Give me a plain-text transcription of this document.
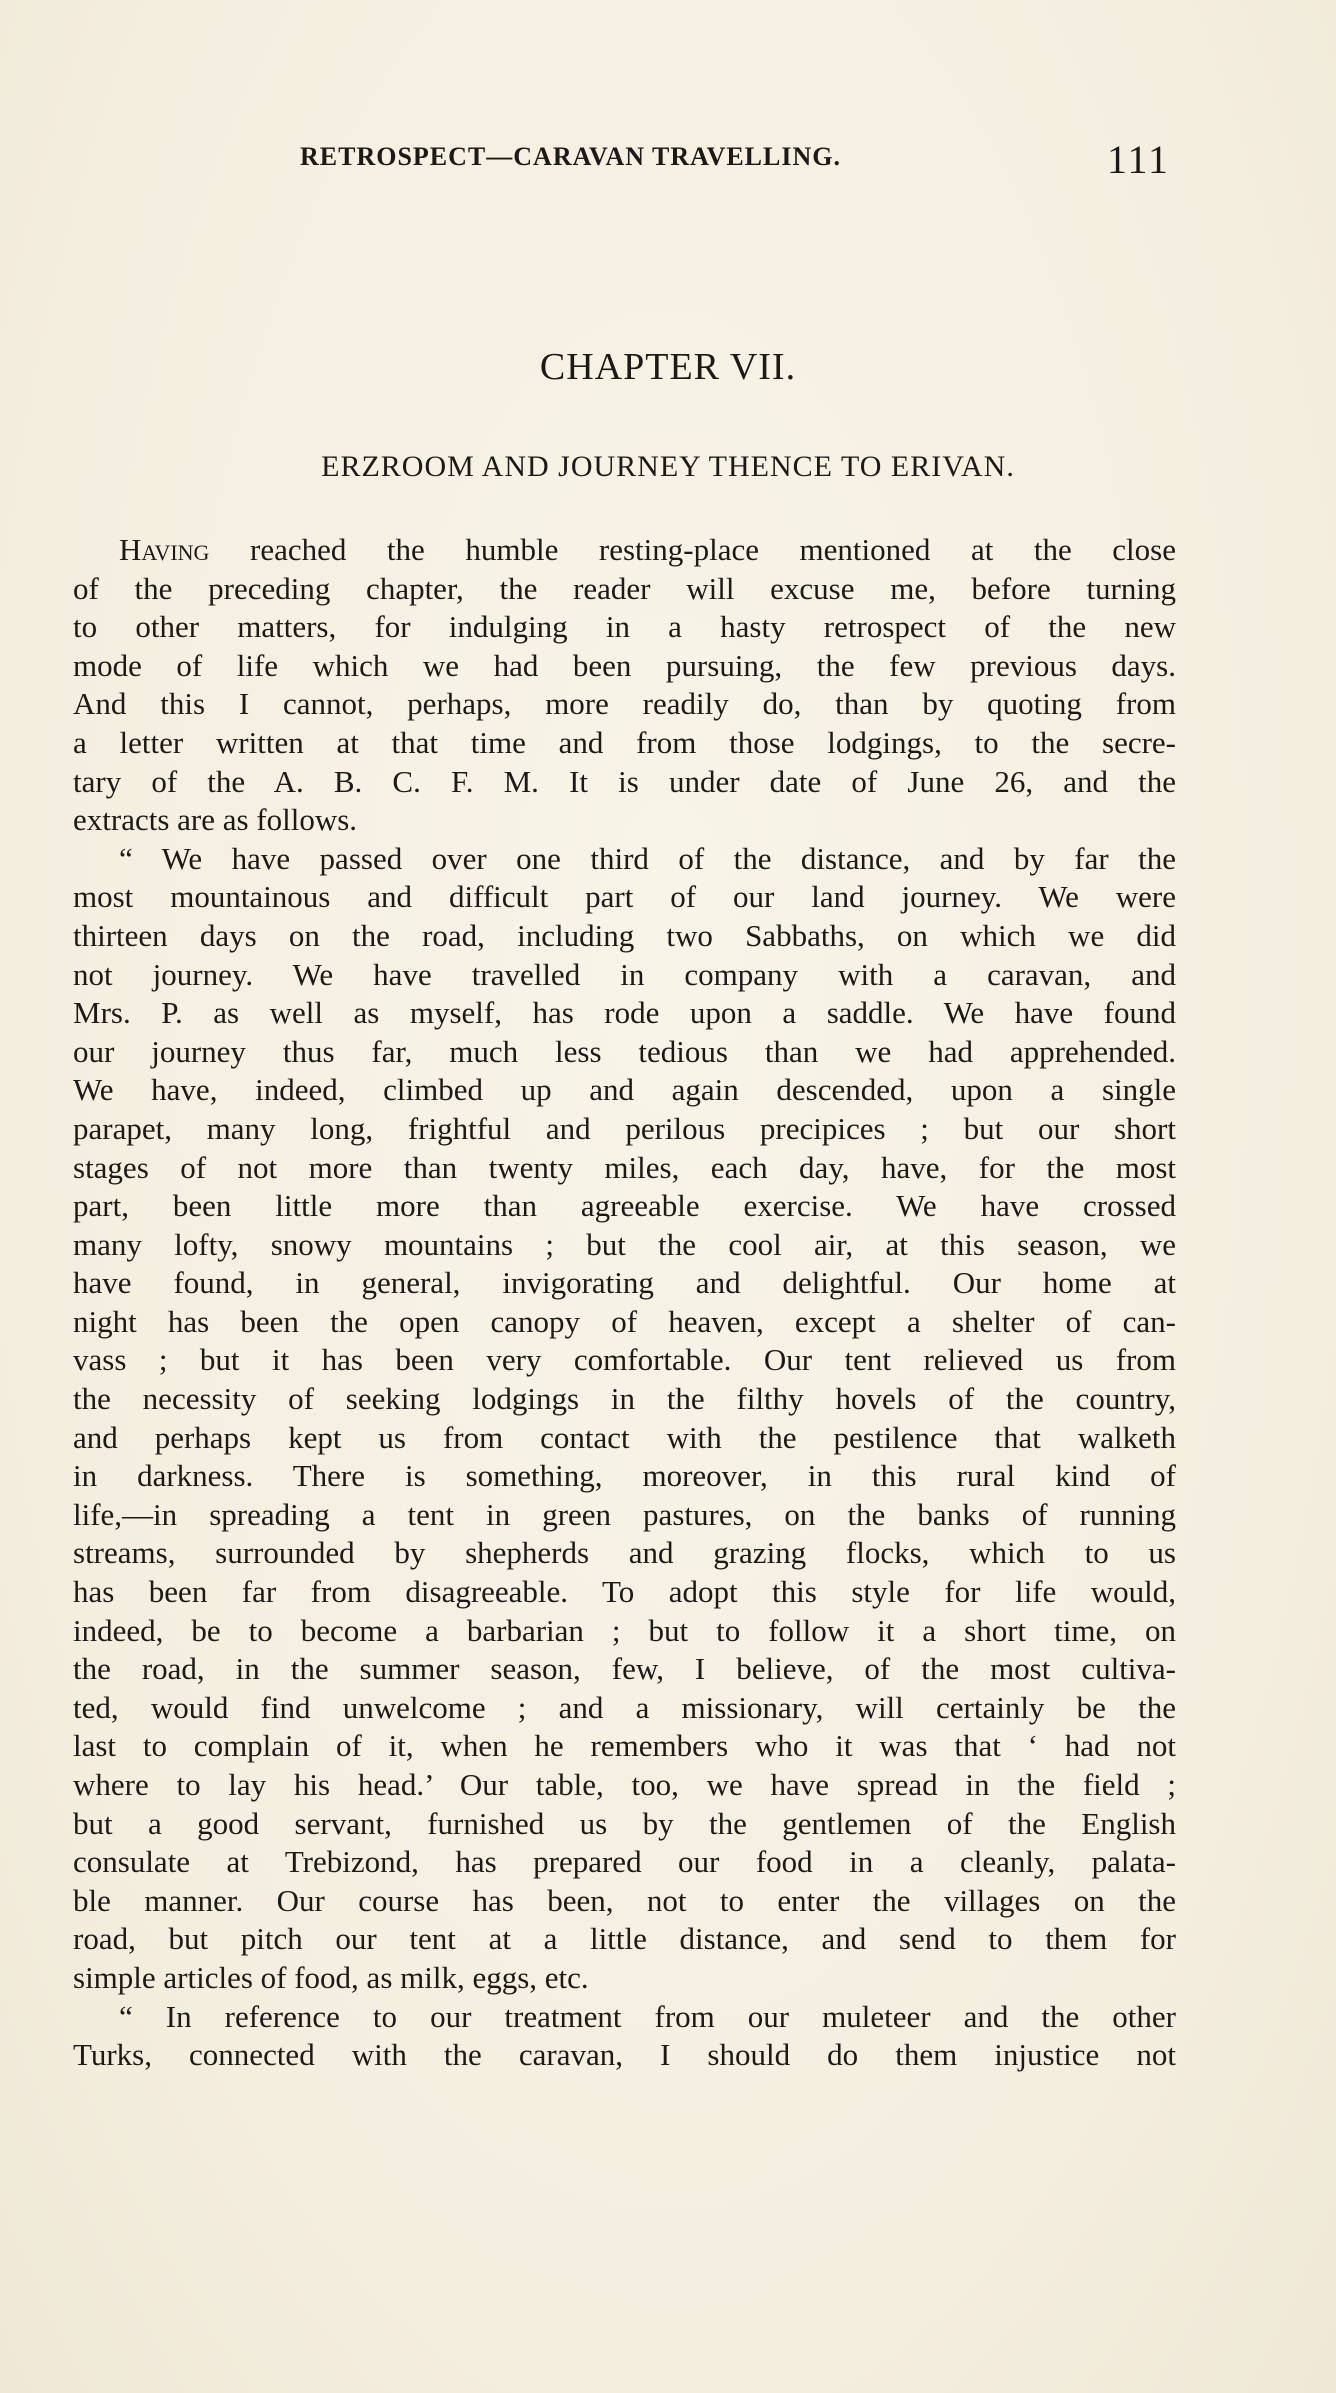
RETROSPECT—CARAVAN TRAVELLING.	111
CHAPTER VII.
ERZROOM AND JOURNEY THENCE TO ERIVAN.
Having reached the humble resting-place mentioned at the close
of the preceding chapter, the reader will excuse me, before turning
to other matters, for indulging in a hasty retrospect of the new
mode of life which we had been pursuing, the few previous days.
And this I cannot, perhaps, more readily do, than by quoting from
a letter written at that time and from those lodgings, to the secre-
tary of the A. B. C. F. M. It is under date of June 26, and the
extracts are as follows.
“ We have passed over one third of the distance, and by far the
most mountainous and difficult part of our land journey. We were
thirteen days on the road, including two Sabbaths, on which we did
not journey. We have travelled in company with a caravan, and
Mrs. P. as well as myself, has rode upon a saddle. We have found
our journey thus far, much less tedious than we had apprehended.
We have, indeed, climbed up and again descended, upon a single
parapet, many long, frightful and perilous precipices ; but our short
stages of not more than twenty miles, each day, have, for the most
part, been little more than agreeable exercise. We have crossed
many lofty, snowy mountains ; but the cool air, at this season, we
have found, in general, invigorating and delightful. Our home at
night has been the open canopy of heaven, except a shelter of can-
vass ; but it has been very comfortable. Our tent relieved us from
the necessity of seeking lodgings in the filthy hovels of the country,
and perhaps kept us from contact with the pestilence that walketh
in darkness. There is something, moreover, in this rural kind of
life,—in spreading a tent in green pastures, on the banks of running
streams, surrounded by shepherds and grazing flocks, which to us
has been far from disagreeable. To adopt this style for life would,
indeed, be to become a barbarian ; but to follow it a short time, on
the road, in the summer season, few, I believe, of the most cultiva-
ted, would find unwelcome ; and a missionary, will certainly be the
last to complain of it, when he remembers who it was that ‘ had not
where to lay his head.’ Our table, too, we have spread in the field ;
but a good servant, furnished us by the gentlemen of the English
consulate at Trebizond, has prepared our food in a cleanly, palata-
ble manner. Our course has been, not to enter the villages on the
road, but pitch our tent at a little distance, and send to them for
simple articles of food, as milk, eggs, etc.
“ In reference to our treatment from our muleteer and the other
Turks, connected with the caravan, I should do them injustice not
